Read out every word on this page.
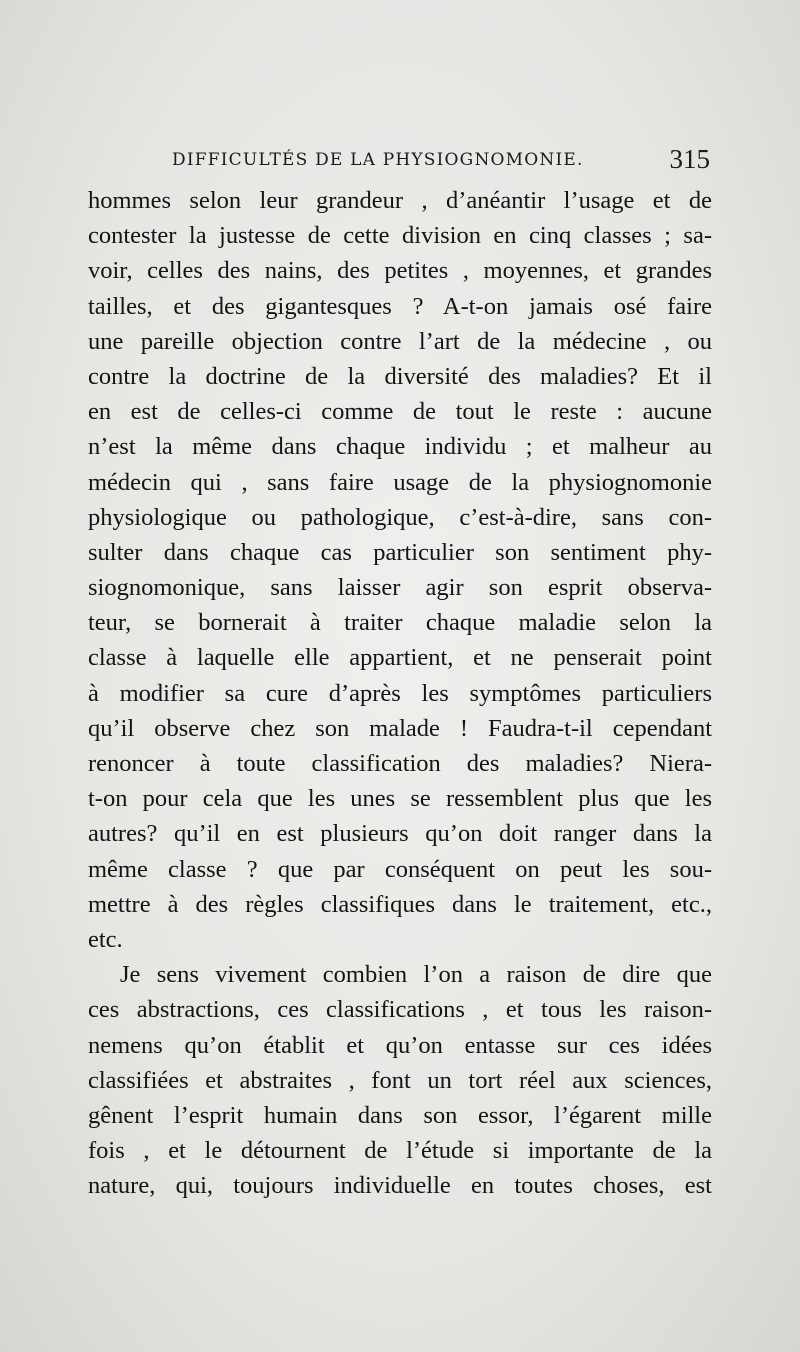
DIFFICULTÉS DE LA PHYSIOGNOMONIE.	315
hommes selon leur grandeur , d’anéantir l’usage et de
contester la justesse de cette division en cinq classes ; sa-
voir, celles des nains, des petites , moyennes, et grandes
tailles, et des gigantesques ? A-t-on jamais osé faire
une pareille objection contre l’art de la médecine , ou
contre la doctrine de la diversité des maladies? Et il
en est de celles-ci comme de tout le reste : aucune
n’est la même dans chaque individu ; et malheur au
médecin qui , sans faire usage de la physiognomonie
physiologique ou pathologique, c’est-à-dire, sans con-
sulter dans chaque cas particulier son sentiment phy-
siognomonique, sans laisser agir son esprit observa-
teur, se bornerait à traiter chaque maladie selon la
classe à laquelle elle appartient, et ne penserait point
à modifier sa cure d’après les symptômes particuliers
qu’il observe chez son malade ! Faudra-t-il cependant
renoncer à toute classification des maladies? Niera-
t-on pour cela que les unes se ressemblent plus que les
autres? qu’il en est plusieurs qu’on doit ranger dans la
même classe ? que par conséquent on peut les sou-
mettre à des règles classifiques dans le traitement, etc.,
etc.
Je sens vivement combien l’on a raison de dire que
ces abstractions, ces classifications , et tous les raison-
nemens qu’on établit et qu’on entasse sur ces idées
classifiées et abstraites , font un tort réel aux sciences,
gênent l’esprit humain dans son essor, l’égarent mille
fois , et le détournent de l’étude si importante de la
nature, qui, toujours individuelle en toutes choses, est
